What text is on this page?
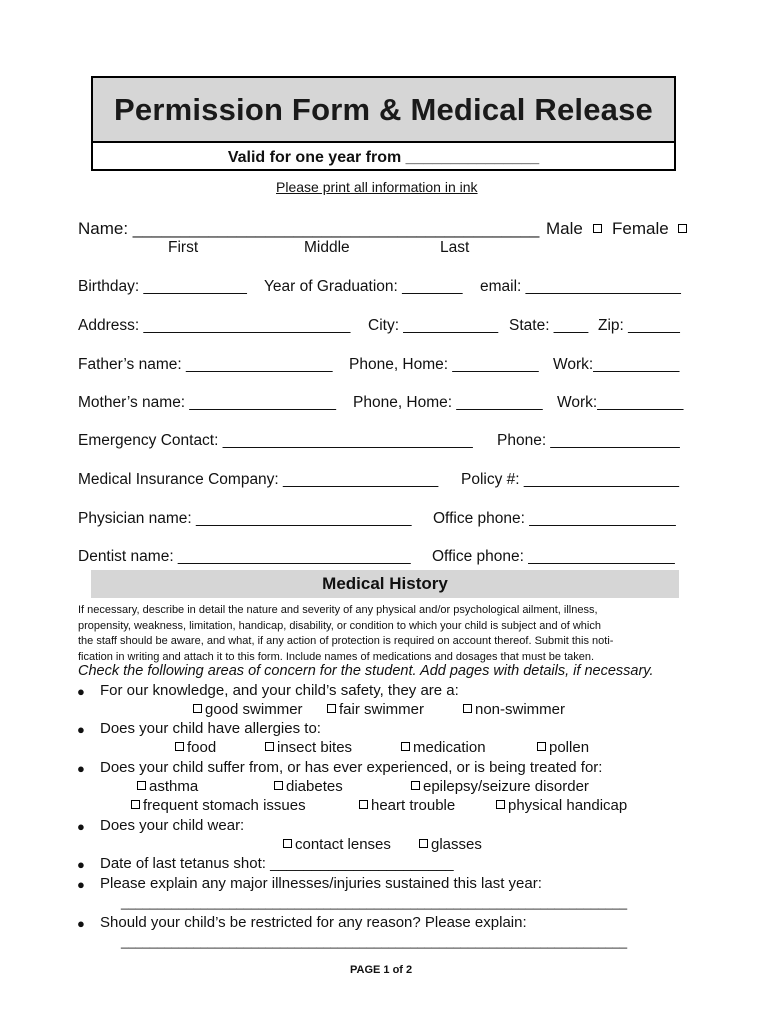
Permission Form & Medical Release
Valid for one year from _______________
Please print all information in ink
Name: ___________________________________________ Male	Female
First	Middle	Last
Birthday: ____________ Year of Graduation: _______ email: __________________
Address: ________________________ City: ___________ State: ____ Zip: ______
Father’s name: _________________ Phone, Home: __________ Work:__________
Mother’s name: _________________ Phone, Home: __________ Work:__________
Emergency Contact: _____________________________ Phone: _______________
Medical Insurance Company: __________________ Policy #: __________________
Physician name: _________________________ Office phone: _________________
Dentist name: ___________________________ Office phone: _________________
Medical History
If necessary, describe in detail the nature and severity of any physical and/or psychological ailment, illness,
propensity, weakness, limitation, handicap, disability, or condition to which your child is subject and of which
the staff should be aware, and what, if any action of protection is required on account thereof. Submit this noti-
fication in writing and attach it to this form. Include names of medications and dosages that must be taken.
Check the following areas of concern for the student. Add pages with details, if necessary.
● For our knowledge, and your child’s safety, they are a:
good swimmer	fair swimmer	non-swimmer
● Does your child have allergies to:
food	insect bites	medication	pollen
● Does your child suffer from, or has ever experienced, or is being treated for:
asthma	diabetes	epilepsy/seizure disorder
frequent stomach issues	heart trouble	physical handicap
● Does your child wear:
contact lenses	glasses
● Date of last tetanus shot: ______________________
● Please explain any major illnesses/injuries sustained this last year:
______________________________________________________________________
● Should your child’s be restricted for any reason? Please explain:
______________________________________________________________________
PAGE 1 of 2
